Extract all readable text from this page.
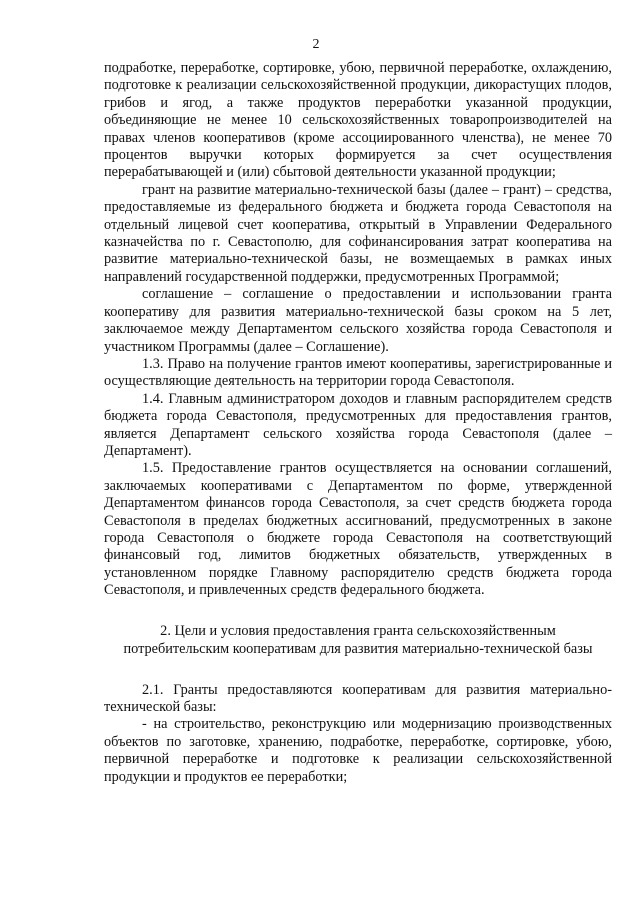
2

подработке, переработке, сортировке, убою, первичной переработке, охлаждению, подготовке к реализации сельскохозяйственной продукции, дикорастущих плодов, грибов и ягод, а также продуктов переработки указанной продукции, объединяющие не менее 10 сельскохозяйственных товаропроизводителей на правах членов кооперативов (кроме ассоциированного членства), не менее 70 процентов выручки которых формируется за счет осуществления перерабатывающей и (или) сбытовой деятельности указанной продукции;

грант на развитие материально-технической базы (далее – грант) – средства, предоставляемые из федерального бюджета и бюджета города Севастополя на отдельный лицевой счет кооператива, открытый в Управлении Федерального казначейства по г. Севастополю, для софинансирования затрат кооператива на развитие материально-технической базы, не возмещаемых в рамках иных направлений государственной поддержки, предусмотренных Программой;

соглашение – соглашение о предоставлении и использовании гранта кооперативу для развития материально-технической базы сроком на 5 лет, заключаемое между Департаментом сельского хозяйства города Севастополя и участником Программы (далее – Соглашение).

1.3. Право на получение грантов имеют кооперативы, зарегистрированные и осуществляющие деятельность на территории города Севастополя.

1.4. Главным администратором доходов и главным распорядителем средств бюджета города Севастополя, предусмотренных для предоставления грантов, является Департамент сельского хозяйства города Севастополя (далее – Департамент).

1.5. Предоставление грантов осуществляется на основании соглашений, заключаемых кооперативами с Департаментом по форме, утвержденной Департаментом финансов города Севастополя, за счет средств бюджета города Севастополя в пределах бюджетных ассигнований, предусмотренных в законе города Севастополя о бюджете города Севастополя на соответствующий финансовый год, лимитов бюджетных обязательств, утвержденных в установленном порядке Главному распорядителю средств бюджета города Севастополя, и привлеченных средств федерального бюджета.

2. Цели и условия предоставления гранта сельскохозяйственным
потребительским кооперативам для развития материально-технической базы

2.1. Гранты предоставляются кооперативам для развития материально-технической базы:

- на строительство, реконструкцию или модернизацию производственных объектов по заготовке, хранению, подработке, переработке, сортировке, убою, первичной переработке и подготовке к реализации сельскохозяйственной продукции и продуктов ее переработки;
